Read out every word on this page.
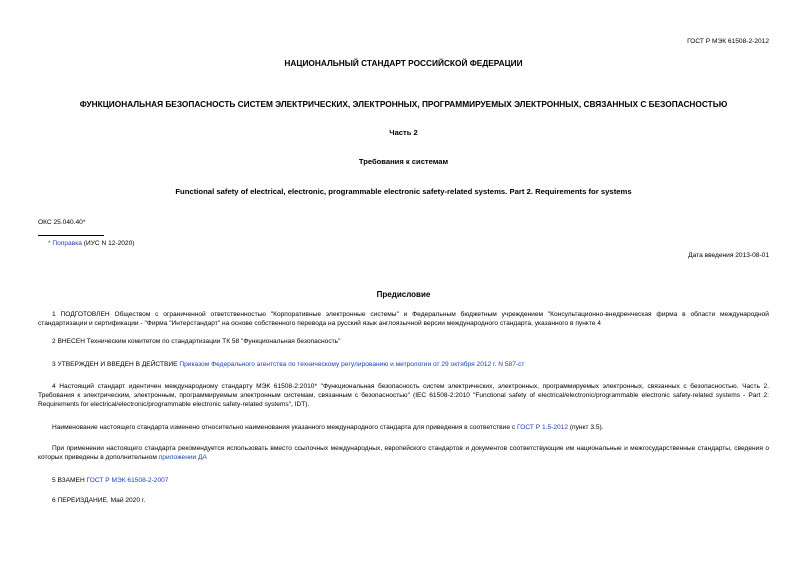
ГОСТ Р МЭК 61508-2-2012
НАЦИОНАЛЬНЫЙ СТАНДАРТ РОССИЙСКОЙ ФЕДЕРАЦИИ
ФУНКЦИОНАЛЬНАЯ БЕЗОПАСНОСТЬ СИСТЕМ ЭЛЕКТРИЧЕСКИХ, ЭЛЕКТРОННЫХ, ПРОГРАММИРУЕМЫХ ЭЛЕКТРОННЫХ, СВЯЗАННЫХ С БЕЗОПАСНОСТЬЮ
Часть 2
Требования к системам
Functional safety of electrical, electronic, programmable electronic safety-related systems. Part 2. Requirements for systems
ОКС 25.040.40*
* Поправка (ИУС N 12-2020)
Дата введения 2013-08-01
Предисловие
1 ПОДГОТОВЛЕН Обществом с ограниченной ответственностью "Корпоративные электронные системы" и Федеральным бюджетным учреждением "Консультационно-внедренческая фирма в области международной стандартизации и сертификации - "Фирма "Интерстандарт" на основе собственного перевода на русский язык англоязычной версии международного стандарта, указанного в пункте 4
2 ВНЕСЕН Техническим комитетом по стандартизации ТК 58 "Функциональная безопасность"
3 УТВЕРЖДЕН И ВВЕДЕН В ДЕЙСТВИЕ Приказом Федерального агентства по техническому регулированию и метрологии от 29 октября 2012 г. N 587-ст
4 Настоящий стандарт идентичен международному стандарту МЭК 61508-2:2010* "Функциональная безопасность систем электрических, электронных, программируемых электронных, связанных с безопасностью. Часть 2. Требования к электрическим, электронным, программируемым электронным системам, связанным с безопасностью" (IEC 61508-2:2010 "Functional safety of electrical/electronic/programmable electronic safety-related systems - Part 2: Requirements for electrical/electronic/programmable electronic safety-related systems", IDT).
Наименование настоящего стандарта изменено относительно наименования указанного международного стандарта для приведения в соответствие с ГОСТ Р 1.5-2012 (пункт 3.5).
При применении настоящего стандарта рекомендуется использовать вместо ссылочных международных, европейского стандартов и документов соответствующие им национальные и межгосударственные стандарты, сведения о которых приведены в дополнительном приложении ДА
5 ВЗАМЕН ГОСТ Р МЭК 61508-2-2007
6 ПЕРЕИЗДАНИЕ. Май 2020 г.
